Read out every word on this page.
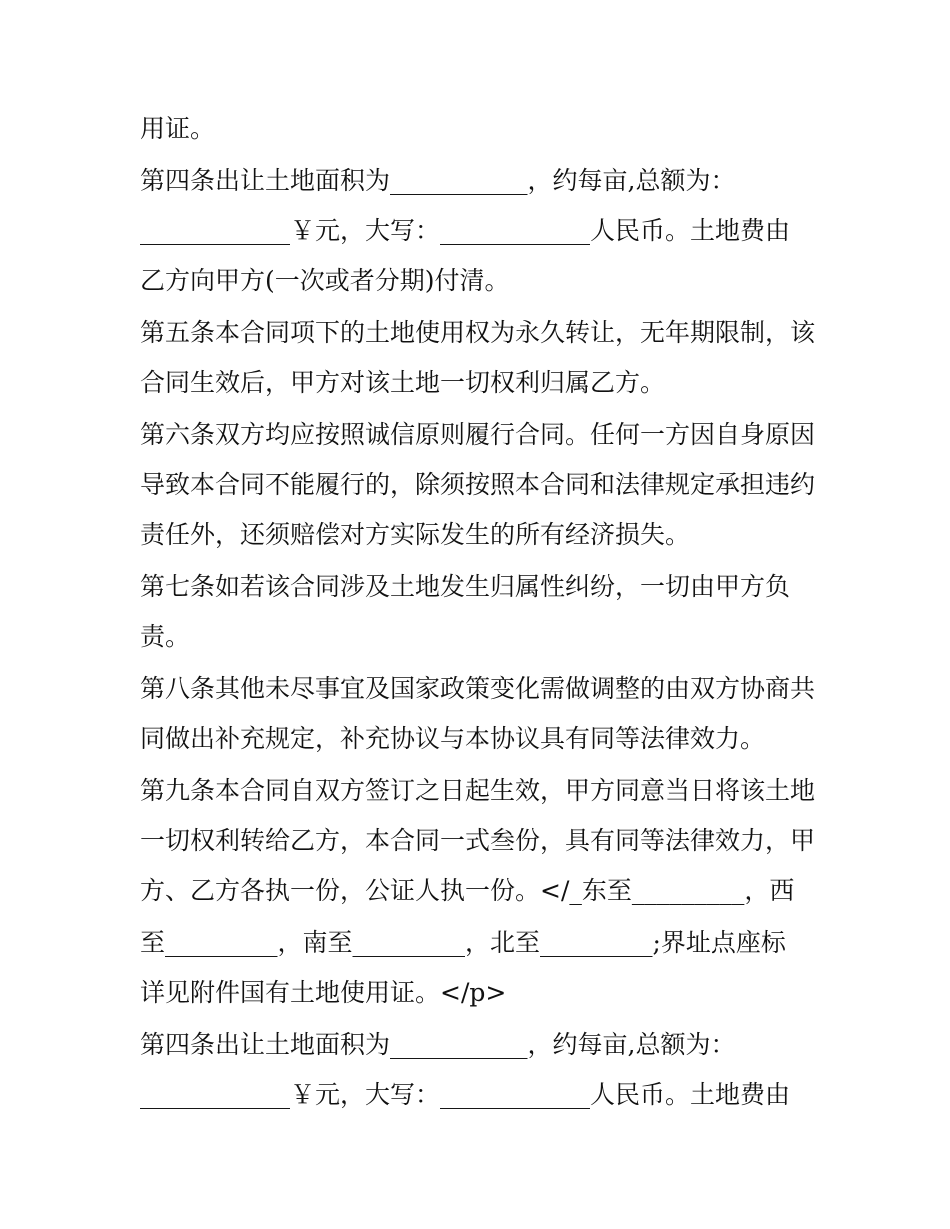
用证。

第四条出让土地面积为___________，约每亩,总额为：

____________￥元，大写：____________人民币。土地费由

乙方向甲方(一次或者分期)付清。

第五条本合同项下的土地使用权为永久转让，无年期限制，该

合同生效后，甲方对该土地一切权利归属乙方。

第六条双方均应按照诚信原则履行合同。任何一方因自身原因

导致本合同不能履行的，除须按照本合同和法律规定承担违约

责任外，还须赔偿对方实际发生的所有经济损失。

第七条如若该合同涉及土地发生归属性纠纷，一切由甲方负

责。

第八条其他未尽事宜及国家政策变化需做调整的由双方协商共

同做出补充规定，补充协议与本协议具有同等法律效力。

第九条本合同自双方签订之日起生效，甲方同意当日将该土地

一切权利转给乙方，本合同一式叁份，具有同等法律效力，甲

方、乙方各执一份，公证人执一份。</_东至_________，西

至_________，南至_________，北至_________;界址点座标

详见附件国有土地使用证。</p>

第四条出让土地面积为___________，约每亩,总额为：

____________￥元，大写：____________人民币。土地费由
